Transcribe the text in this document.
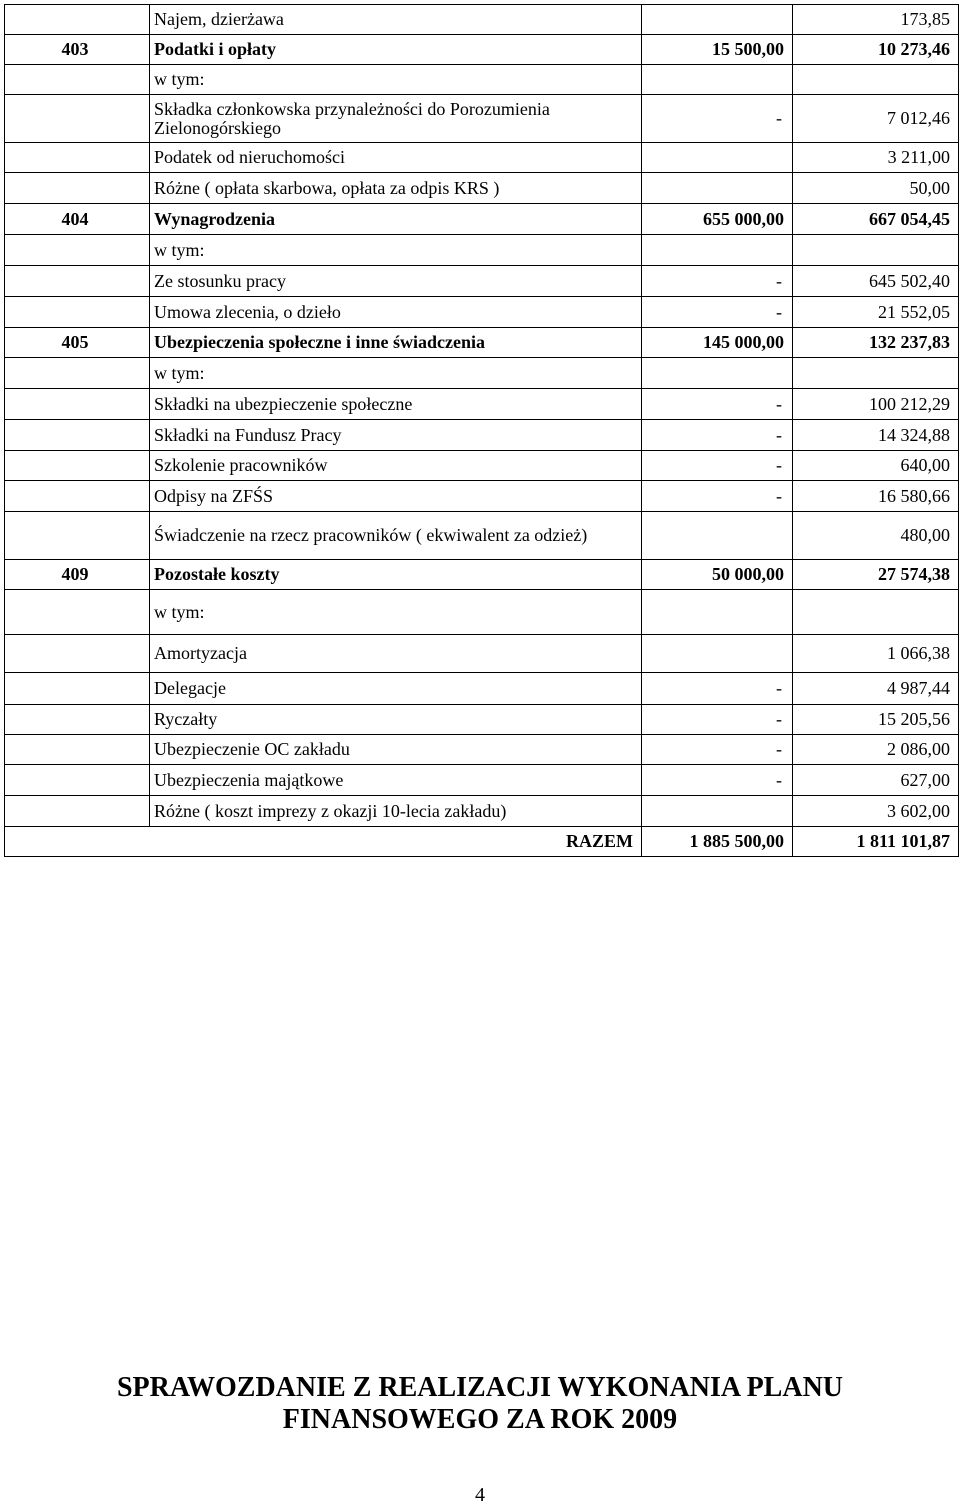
	Najem, dzierżawa		173,85
403	Podatki i opłaty	15 500,00	10 273,46
	w tym:		
	Składka członkowska przynależności do Porozumienia Zielonogórskiego	-	7 012,46
	Podatek od nieruchomości		3 211,00
	Różne ( opłata skarbowa, opłata za odpis KRS )		50,00
404	Wynagrodzenia	655 000,00	667 054,45
	w tym:		
	Ze stosunku pracy	-	645 502,40
	Umowa zlecenia, o dzieło	-	21 552,05
405	Ubezpieczenia społeczne i inne świadczenia	145 000,00	132 237,83
	w tym:		
	Składki na ubezpieczenie społeczne	-	100 212,29
	Składki na Fundusz Pracy	-	14 324,88
	Szkolenie pracowników	-	640,00
	Odpisy na ZFŚS	-	16 580,66
	Świadczenie na rzecz pracowników ( ekwiwalent za odzież)		480,00
409	Pozostałe koszty	50 000,00	27 574,38
	w tym:		
	Amortyzacja		1 066,38
	Delegacje	-	4 987,44
	Ryczałty	-	15 205,56
	Ubezpieczenie OC zakładu	-	2 086,00
	Ubezpieczenia majątkowe	-	627,00
	Różne ( koszt imprezy z okazji 10-lecia zakładu)		3 602,00
RAZEM		1 885 500,00	1 811 101,87
SPRAWOZDANIE Z REALIZACJI WYKONANIA PLANU
FINANSOWEGO ZA ROK 2009
4
